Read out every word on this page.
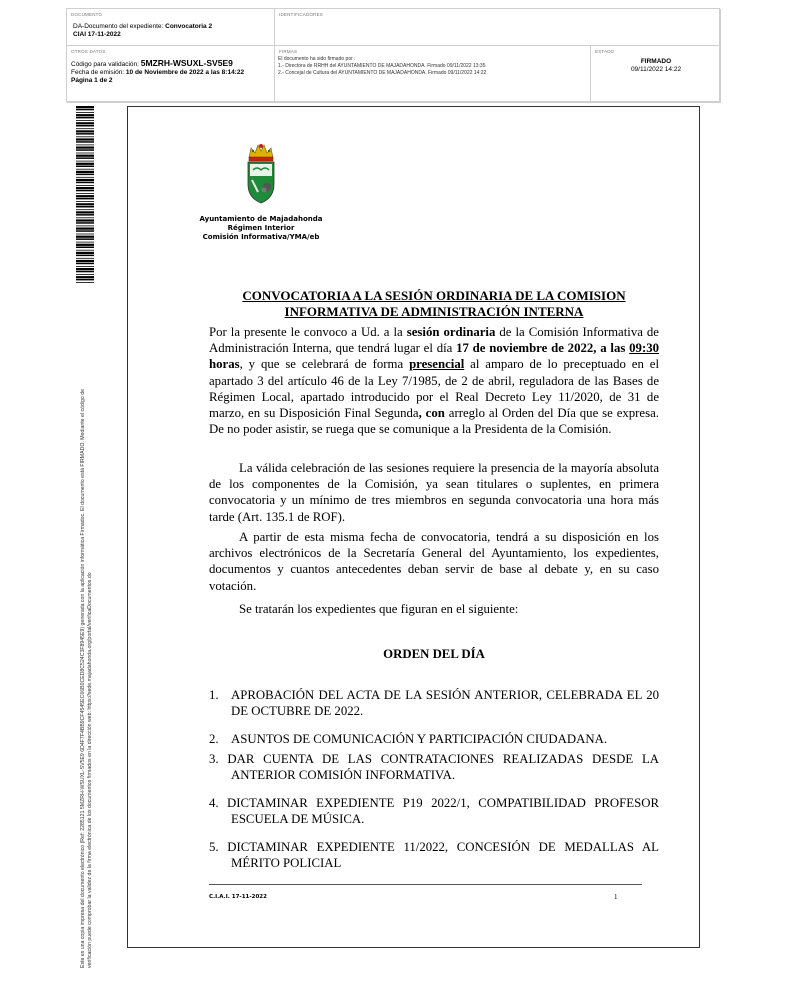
DOCUMENTO
DA-Documento del expediente: Convocatoria 2
CIAI 17-11-2022
IDENTIFICADORES
OTROS DATOS
Código para validación: 5MZRH-WSUXL-SV5E9
Fecha de emisión: 10 de Noviembre de 2022 a las 8:14:22
Página 1 de 2
FIRMAS
El documento ha sido firmado por :
1.- Directora de RRHH del AYUNTAMIENTO DE MAJADAHONDA. Firmado 09/11/2022 13:35
2.- Concejal de Cultura del AYUNTAMIENTO DE MAJADAHONDA. Firmado 09/11/2022 14:22
ESTADO
FIRMADO
09/11/2022 14:22
Este es una copia impresa del documento electrónico (Ref: 2285121 5MZRH-WSUXL-SV5E9 6D4F7F4BB9CF4545EC66B0CED8C524C3F8945E9) generada con la aplicación informática Firmadoc. El documento está FIRMADO. Mediante el código de verificación puede comprobar la validez de la firma electrónica de los documentos firmados en la dirección web: https://sede.majadahonda.org/portal/verificaDocumentos.do
Ayuntamiento de Majadahonda
Régimen Interior
Comisión Informativa/YMA/eb
CONVOCATORIA A LA SESIÓN ORDINARIA DE LA COMISION INFORMATIVA DE ADMINISTRACIÓN INTERNA
Por la presente le convoco a Ud. a la sesión ordinaria de la Comisión Informativa de Administración Interna, que tendrá lugar el día 17 de noviembre de 2022, a las 09:30 horas, y que se celebrará de forma presencial al amparo de lo preceptuado en el apartado 3 del artículo 46 de la Ley 7/1985, de 2 de abril, reguladora de las Bases de Régimen Local, apartado introducido por el Real Decreto Ley 11/2020, de 31 de marzo, en su Disposición Final Segunda, con arreglo al Orden del Día que se expresa. De no poder asistir, se ruega que se comunique a la Presidenta de la Comisión.
La válida celebración de las sesiones requiere la presencia de la mayoría absoluta de los componentes de la Comisión, ya sean titulares o suplentes, en primera convocatoria y un mínimo de tres miembros en segunda convocatoria una hora más tarde (Art. 135.1 de ROF).
A partir de esta misma fecha de convocatoria, tendrá a su disposición en los archivos electrónicos de la Secretaría General del Ayuntamiento, los expedientes, documentos y cuantos antecedentes deban servir de base al debate y, en su caso votación.
Se tratarán los expedientes que figuran en el siguiente:
ORDEN DEL DÍA
1. APROBACIÓN DEL ACTA DE LA SESIÓN ANTERIOR, CELEBRADA EL 20 DE OCTUBRE DE 2022.
2. ASUNTOS DE COMUNICACIÓN Y PARTICIPACIÓN CIUDADANA.
3. DAR CUENTA DE LAS CONTRATACIONES REALIZADAS DESDE LA ANTERIOR COMISIÓN INFORMATIVA.
4. DICTAMINAR EXPEDIENTE P19 2022/1, COMPATIBILIDAD PROFESOR ESCUELA DE MÚSICA.
5. DICTAMINAR EXPEDIENTE 11/2022, CONCESIÓN DE MEDALLAS AL MÉRITO POLICIAL
C.I.A.I. 17-11-2022	1
